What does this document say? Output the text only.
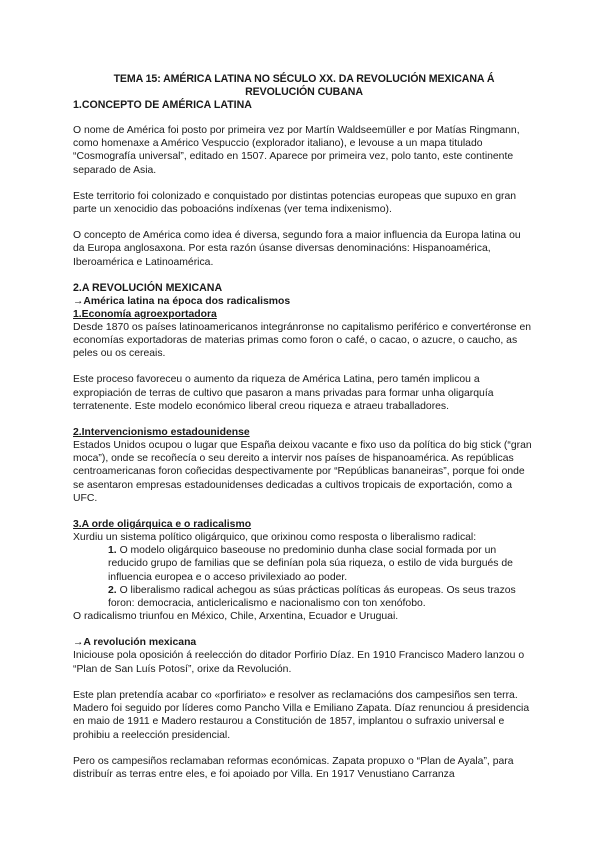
TEMA 15: AMÉRICA LATINA NO SÉCULO XX. DA REVOLUCIÓN MEXICANA Á
REVOLUCIÓN CUBANA
1.CONCEPTO DE AMÉRICA LATINA

O nome de América foi posto por primeira vez por Martín Waldseemüller e por Matías Ringmann, como homenaxe a Américo Vespuccio (explorador italiano), e levouse a un mapa titulado “Cosmografía universal”, editado en 1507. Aparece por primeira vez, polo tanto, este continente separado de Asia.

Este territorio foi colonizado e conquistado por distintas potencias europeas que supuxo en gran parte un xenocidio das poboacións indíxenas (ver tema indixenismo).

O concepto de América como idea é diversa, segundo fora a maior influencia da Europa latina ou da Europa anglosaxona. Por esta razón úsanse diversas denominacións: Hispanoamérica, Iberoamérica e Latinoamérica.

2.A REVOLUCIÓN MEXICANA
→América latina na época dos radicalismos
1.Economía agroexportadora

Desde 1870 os países latinoamericanos integránronse no capitalismo periférico e convertéronse en economías exportadoras de materias primas como foron o café, o cacao, o azucre, o caucho, as peles ou os cereais.

Este proceso favoreceu o aumento da riqueza de América Latina, pero tamén implicou a expropiación de terras de cultivo que pasaron a mans privadas para formar unha oligarquía terratenente. Este modelo económico liberal creou riqueza e atraeu traballadores.

2.Intervencionismo estadounidense

Estados Unidos ocupou o lugar que España deixou vacante e fixo uso da política do big stick (“gran moca”), onde se recoñecía o seu dereito a intervir nos países de hispanoamérica. As repúblicas centroamericanas foron coñecidas despectivamente por “Repúblicas bananeiras”, porque foi onde se asentaron empresas estadounidenses dedicadas a cultivos tropicais de exportación, como a UFC.

3.A orde oligárquica e o radicalismo

Xurdiu un sistema político oligárquico, que orixinou como resposta o liberalismo radical:

1. O modelo oligárquico baseouse no predominio dunha clase social formada por un reducido grupo de familias que se definían pola súa riqueza, o estilo de vida burgués de influencia europea e o acceso privilexiado ao poder.
2. O liberalismo radical achegou as súas prácticas políticas ás europeas. Os seus trazos foron: democracia, anticlericalismo e nacionalismo con ton xenófobo.

O radicalismo triunfou en México, Chile, Arxentina, Ecuador e Uruguai.

→A revolución mexicana

Iniciouse pola oposición á reelección do ditador Porfirio Díaz. En 1910 Francisco Madero lanzou o “Plan de San Luís Potosí”, orixe da Revolución.

Este plan pretendía acabar co «porfiriato» e resolver as reclamacións dos campesiños sen terra. Madero foi seguido por líderes como Pancho Villa e Emiliano Zapata. Díaz renunciou á presidencia en maio de 1911 e Madero restaurou a Constitución de 1857, implantou o sufraxio universal e prohibiu a reelección presidencial.

Pero os campesiños reclamaban reformas económicas. Zapata propuxo o “Plan de Ayala”, para distribuír as terras entre eles, e foi apoiado por Villa. En 1917 Venustiano Carranza
